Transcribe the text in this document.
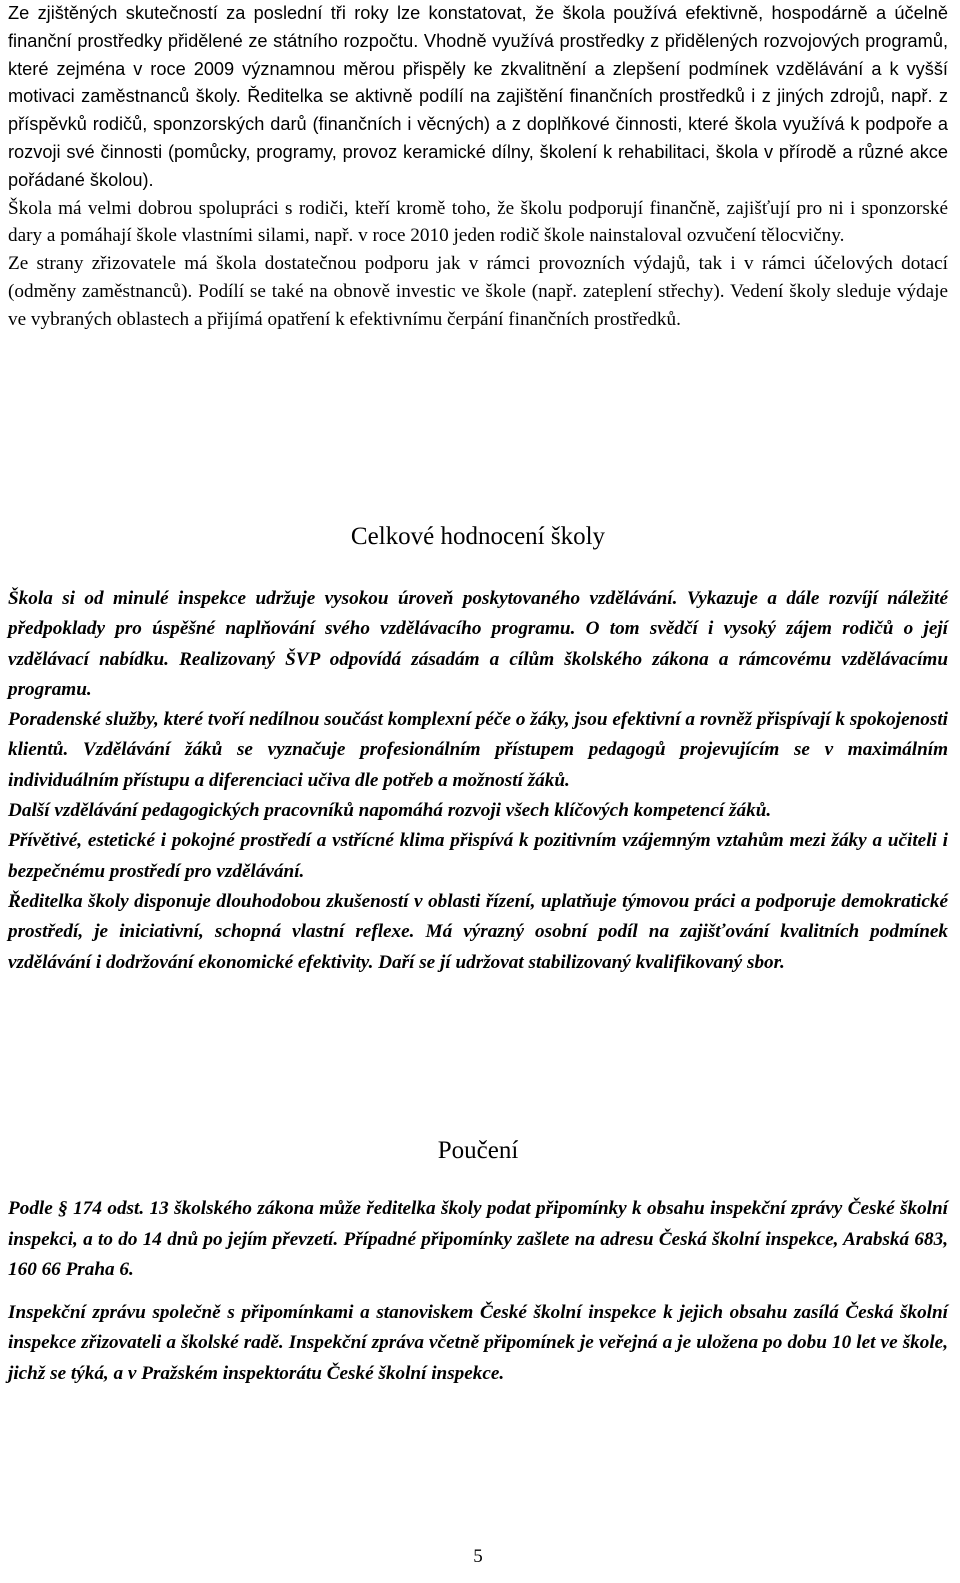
Ze zjištěných skutečností za poslední tři roky lze konstatovat, že škola používá efektivně, hospodárně a účelně finanční prostředky přidělené ze státního rozpočtu. Vhodně využívá prostředky z přidělených rozvojových programů, které zejména v roce 2009 významnou měrou přispěly ke zkvalitnění a zlepšení podmínek vzdělávání a k vyšší motivaci zaměstnanců školy. Ředitelka se aktivně podílí na zajištění finančních prostředků i z jiných zdrojů, např. z příspěvků rodičů, sponzorských darů (finančních i věcných) a z doplňkové činnosti, které škola využívá k podpoře a rozvoji své činnosti (pomůcky, programy, provoz keramické dílny, školení k rehabilitaci, škola v přírodě a různé akce pořádané školou).

Škola má velmi dobrou spolupráci s rodiči, kteří kromě toho, že školu podporují finančně, zajišťují pro ni i sponzorské dary a pomáhají škole vlastními silami, např. v roce 2010 jeden rodič škole nainstaloval ozvučení tělocvičny.

Ze strany zřizovatele má škola dostatečnou podporu jak v rámci provozních výdajů, tak i v rámci účelových dotací (odměny zaměstnanců). Podílí se také na obnově investic ve škole (např. zateplení střechy). Vedení školy sleduje výdaje ve vybraných oblastech a přijímá opatření k efektivnímu čerpání finančních prostředků.

Celkové hodnocení školy

Škola si od minulé inspekce udržuje vysokou úroveň poskytovaného vzdělávání. Vykazuje a dále rozvíjí náležité předpoklady pro úspěšné naplňování svého vzdělávacího programu. O tom svědčí i vysoký zájem rodičů o její vzdělávací nabídku. Realizovaný ŠVP odpovídá zásadám a cílům školského zákona a rámcovému vzdělávacímu programu.

Poradenské služby, které tvoří nedílnou součást komplexní péče o žáky, jsou efektivní a rovněž přispívají k spokojenosti klientů. Vzdělávání žáků se vyznačuje profesionálním přístupem pedagogů projevujícím se v maximálním individuálním přístupu a diferenciaci učiva dle potřeb a možností žáků.

Další vzdělávání pedagogických pracovníků napomáhá rozvoji všech klíčových kompetencí žáků.

Přívětivé, estetické i pokojné prostředí a vstřícné klima přispívá k pozitivním vzájemným vztahům mezi žáky a učiteli i bezpečnému prostředí pro vzdělávání.

Ředitelka školy disponuje dlouhodobou zkušeností v oblasti řízení, uplatňuje týmovou práci a podporuje demokratické prostředí, je iniciativní, schopná vlastní reflexe. Má výrazný osobní podíl na zajišťování kvalitních podmínek vzdělávání i dodržování ekonomické efektivity. Daří se jí udržovat stabilizovaný kvalifikovaný sbor.

Poučení

Podle § 174 odst. 13 školského zákona může ředitelka školy podat připomínky k obsahu inspekční zprávy České školní inspekci, a to do 14 dnů po jejím převzetí. Případné připomínky zašlete na adresu Česká školní inspekce, Arabská 683, 160 66 Praha 6.

Inspekční zprávu společně s připomínkami a stanoviskem České školní inspekce k jejich obsahu zasílá Česká školní inspekce zřizovateli a školské radě. Inspekční zpráva včetně připomínek je veřejná a je uložena po dobu 10 let ve škole, jichž se týká, a v Pražském inspektorátu České školní inspekce.

5
